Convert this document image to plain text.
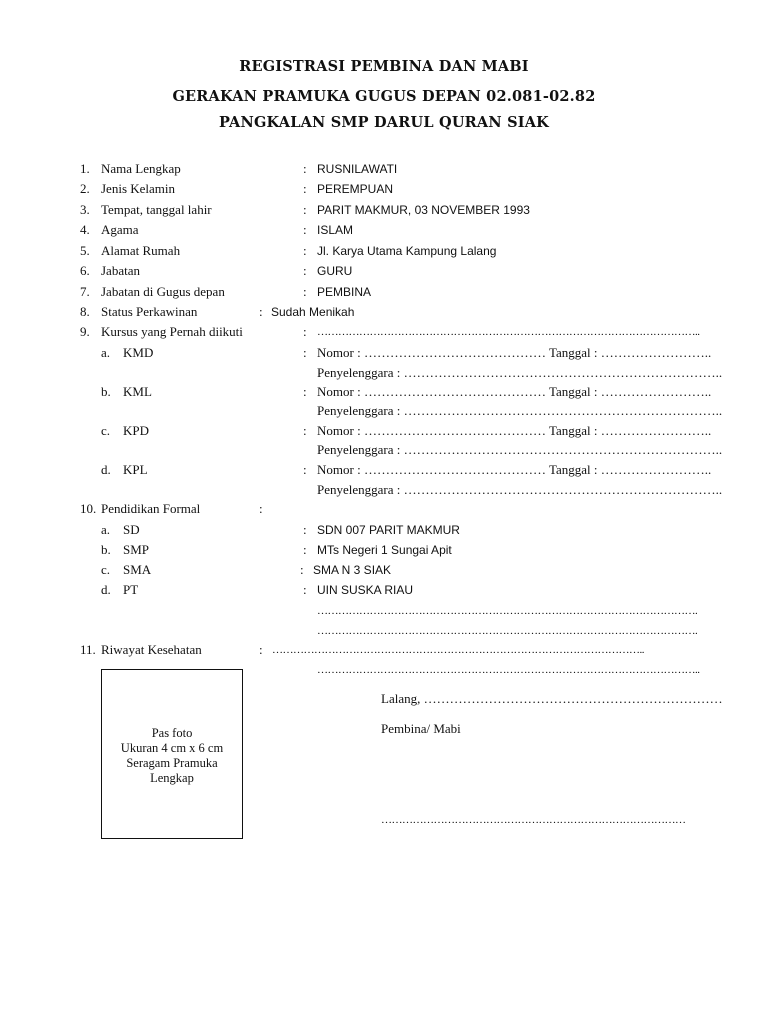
REGISTRASI PEMBINA DAN MABI
GERAKAN PRAMUKA GUGUS DEPAN 02.081-02.82
PANGKALAN SMP DARUL QURAN SIAK
1. Nama Lengkap	: RUSNILAWATI
2. Jenis Kelamin	: PEREMPUAN
3. Tempat, tanggal lahir	: PARIT MAKMUR, 03 NOVEMBER 1993
4. Agama	: ISLAM
5. Alamat Rumah	: Jl. Karya Utama Kampung Lalang
6. Jabatan	: GURU
7. Jabatan di Gugus depan	: PEMBINA
8. Status Perkawinan	: Sudah Menikah
9. Kursus yang Pernah diikuti	: ………………………………………………………………………………………………..
a. KMD	: Nomor : …………………………………… Tanggal : ……………………..
Penyelenggara : ………………………………………………………………..
b. KML	: Nomor : …………………………………… Tanggal : ……………………..
Penyelenggara : ………………………………………………………………..
c. KPD	: Nomor : …………………………………… Tanggal : ……………………..
Penyelenggara : ………………………………………………………………..
d. KPL	: Nomor : …………………………………… Tanggal : ……………………..
Penyelenggara : ………………………………………………………………..
10. Pendidikan Formal	:
a. SD	: SDN 007 PARIT MAKMUR
b. SMP	: MTs Negeri 1 Sungai Apit
c. SMA	: SMA N 3 SIAK
d. PT	: UIN SUSKA RIAU
……………………………………………………………………………………………….
……………………………………………………………………………………………….
11. Riwayat Kesehatan	: ……………………………………………………………………………………………..
………………………………………………………………………………………………..
Pas foto
Ukuran 4 cm x 6 cm
Seragam Pramuka
Lengkap
Lalang, ……………………………………………………………
Pembina/ Mabi
……………………………………………………………………………
